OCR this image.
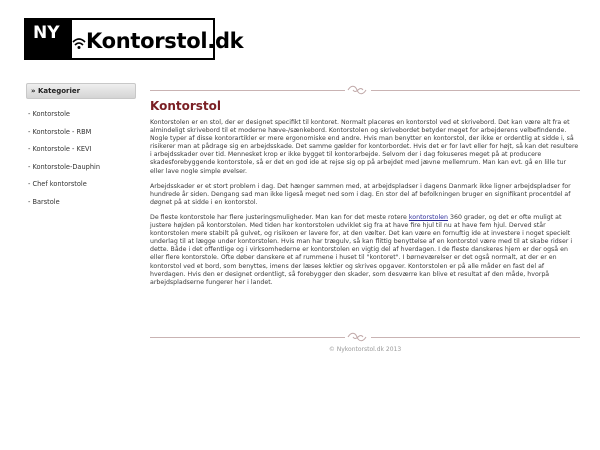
NY	Kontorstol.dk
» Kategorier
- Kontorstole
- Kontorstole - RBM
- Kontorstole - KEVI
- Kontorstole-Dauphin
- Chef kontorstole
- Barstole
Kontorstol

Kontorstolen er en stol, der er designet specifikt til kontoret. Normalt placeres en kontorstol ved et skrivebord. Det kan være alt fra et almindeligt skrivebord til et moderne hæve-/sænkebord. Kontorstolen og skrivebordet betyder meget for arbejderens velbefindende. Nogle typer af disse kontorartikler er mere ergonomiske end andre. Hvis man benytter en kontorstol, der ikke er ordentlig at sidde i, så risikerer man at pådrage sig en arbejdsskade. Det samme gælder for kontorbordet. Hvis det er for lavt eller for højt, så kan det resultere i arbejdsskader over tid. Mennesket krop er ikke bygget til kontorarbejde. Selvom der i dag fokuseres meget på at producere skadesforebyggende kontorstole, så er det en god ide at rejse sig op på arbejdet med jævne mellemrum. Man kan evt. gå en lille tur eller lave nogle simple øvelser.

Arbejdsskader er et stort problem i dag. Det hænger sammen med, at arbejdspladser i dagens Danmark ikke ligner arbejdspladser for hundrede år siden. Dengang sad man ikke ligeså meget ned som i dag. En stor del af befolkningen bruger en signifikant procentdel af døgnet på at sidde i en kontorstol.

De fleste kontorstole har flere justeringsmuligheder. Man kan for det meste rotere kontorstolen 360 grader, og det er ofte muligt at justere højden på kontorstolen. Med tiden har kontorstolen udviklet sig fra at have fire hjul til nu at have fem hjul. Derved står kontorstolen mere stabilt på gulvet, og risikoen er lavere for, at den vælter. Det kan være en fornuftig ide at investere i noget specielt underlag til at lægge under kontorstolen. Hvis man har trægulv, så kan flittig benyttelse af en kontorstol være med til at skabe ridser i dette. Både i det offentlige og i virksomhederne er kontorstolen en vigtig del af hverdagen. I de fleste danskeres hjem er der også en eller flere kontorstole. Ofte døber danskere et af rummene i huset til "kontoret". I børneværelser er det også normalt, at der er en kontorstol ved et bord, som benyttes, imens der læses lektier og skrives opgaver. Kontorstolen er på alle måder en fast del af hverdagen. Hvis den er designet ordentligt, så forebygger den skader, som desværre kan blive et resultat af den måde, hvorpå arbejdspladserne fungerer her i landet.

© Nykontorstol.dk 2013
